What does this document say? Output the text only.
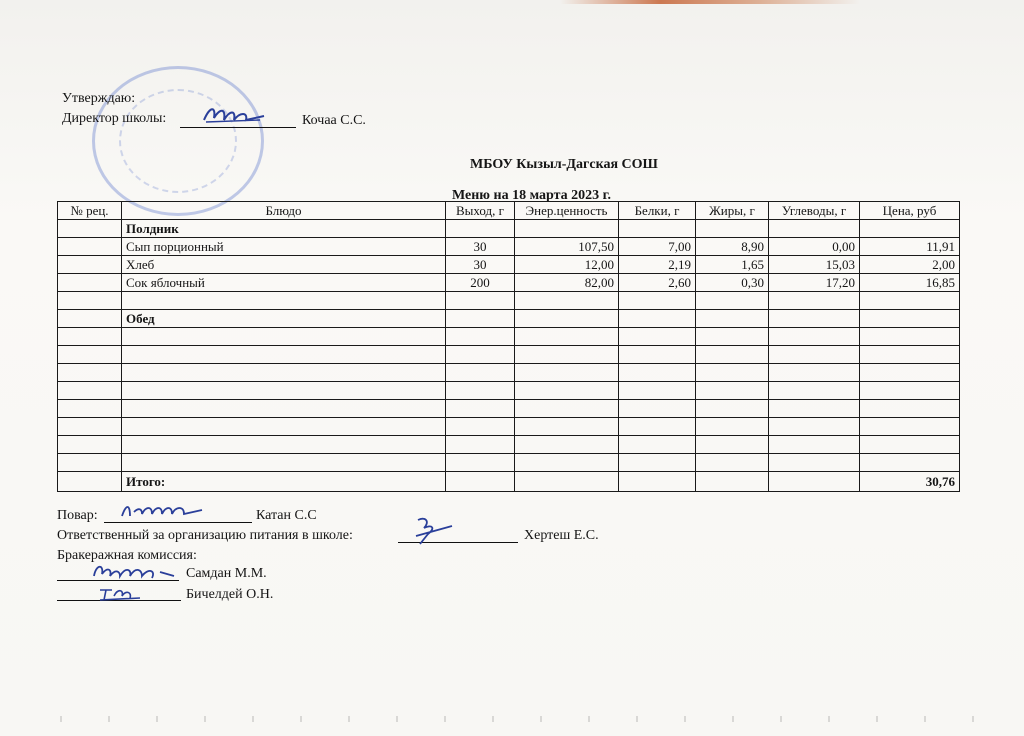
Утверждаю:
Директор школы:	Кочаа С.С.
МБОУ Кызыл-Дагская СОШ
Меню на 18 марта 2023 г.
№ рец.	Блюдо	Выход, г	Энер.ценность	Белки, г	Жиры, г	Углеводы, г	Цена, руб
	Полдник						
	Сып порционный	30	107,50	7,00	8,90	0,00	11,91
	Хлеб	30	12,00	2,19	1,65	15,03	2,00
	Сок яблочный	200	82,00	2,60	0,30	17,20	16,85

	Обед						

	Итого:						30,76
Повар:	Катан С.С
Ответственный за организацию питания в школе:	Хертеш Е.С.
Бракеражная комиссия:
Самдан М.М.
Бичелдей О.Н.
